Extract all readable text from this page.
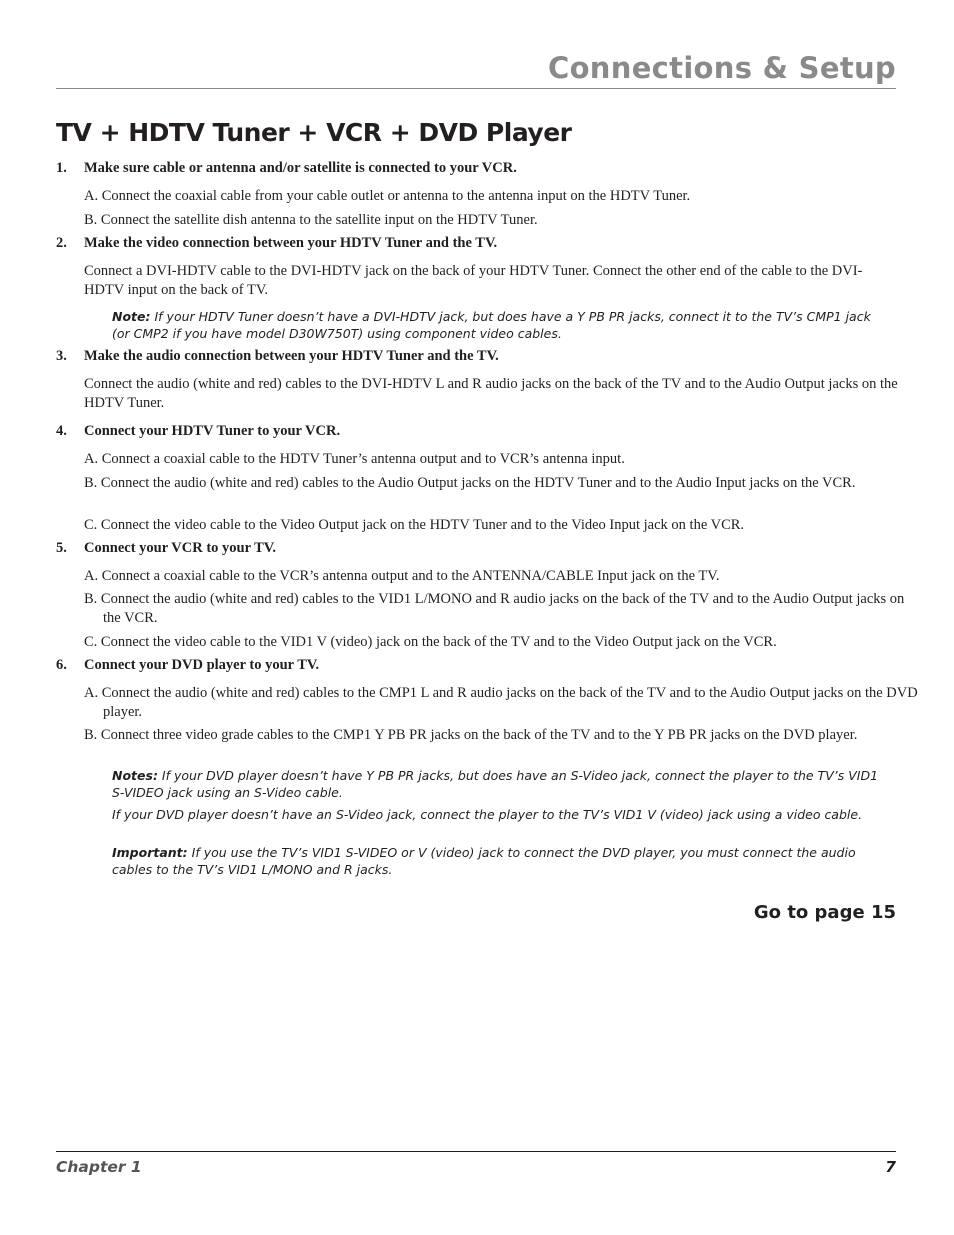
Connections & Setup
TV + HDTV Tuner + VCR + DVD Player
1. Make sure cable or antenna and/or satellite is connected to your VCR.
A. Connect the coaxial cable from your cable outlet or antenna to the antenna input on the HDTV Tuner.
B. Connect the satellite dish antenna to the satellite input on the HDTV Tuner.
2. Make the video connection between your HDTV Tuner and the TV.
Connect a DVI-HDTV cable to the DVI-HDTV jack on the back of your HDTV Tuner. Connect the other end of the cable to the DVI-HDTV input on the back of TV.
Note: If your HDTV Tuner doesn’t have a DVI-HDTV jack, but does have a Y PB PR jacks, connect it to the TV’s CMP1 jack (or CMP2 if you have model D30W750T) using component video cables.
3. Make the audio connection between your HDTV Tuner and the TV.
Connect the audio (white and red) cables to the DVI-HDTV L and R audio jacks on the back of the TV and to the Audio Output jacks on the HDTV Tuner.
4. Connect your HDTV Tuner to your VCR.
A. Connect a coaxial cable to the HDTV Tuner’s antenna output and to VCR’s antenna input.
B. Connect the audio (white and red) cables to the Audio Output jacks on the HDTV Tuner and to the Audio Input jacks on the VCR.
C. Connect the video cable to the Video Output jack on the HDTV Tuner and to the Video Input jack on the VCR.
5. Connect your VCR to your TV.
A. Connect a coaxial cable to the VCR’s antenna output and to the ANTENNA/CABLE Input jack on the TV.
B. Connect the audio (white and red) cables to the VID1 L/MONO and R audio jacks on the back of the TV and to the Audio Output jacks on the VCR.
C. Connect the video cable to the VID1 V (video) jack on the back of the TV and to the Video Output jack on the VCR.
6. Connect your DVD player to your TV.
A. Connect the audio (white and red) cables to the CMP1 L and R audio jacks on the back of the TV and to the Audio Output jacks on the DVD player.
B. Connect three video grade cables to the CMP1 Y PB PR jacks on the back of the TV and to the Y PB PR jacks on the DVD player.
Notes: If your DVD player doesn’t have Y PB PR jacks, but does have an S-Video jack, connect the player to the TV’s VID1 S-VIDEO jack using an S-Video cable.
If your DVD player doesn’t have an S-Video jack, connect the player to the TV’s VID1 V (video) jack using a video cable.
Important: If you use the TV’s VID1 S-VIDEO or V (video) jack to connect the DVD player, you must connect the audio cables to the TV’s VID1 L/MONO and R jacks.
Go to page 15
Chapter 1	7
